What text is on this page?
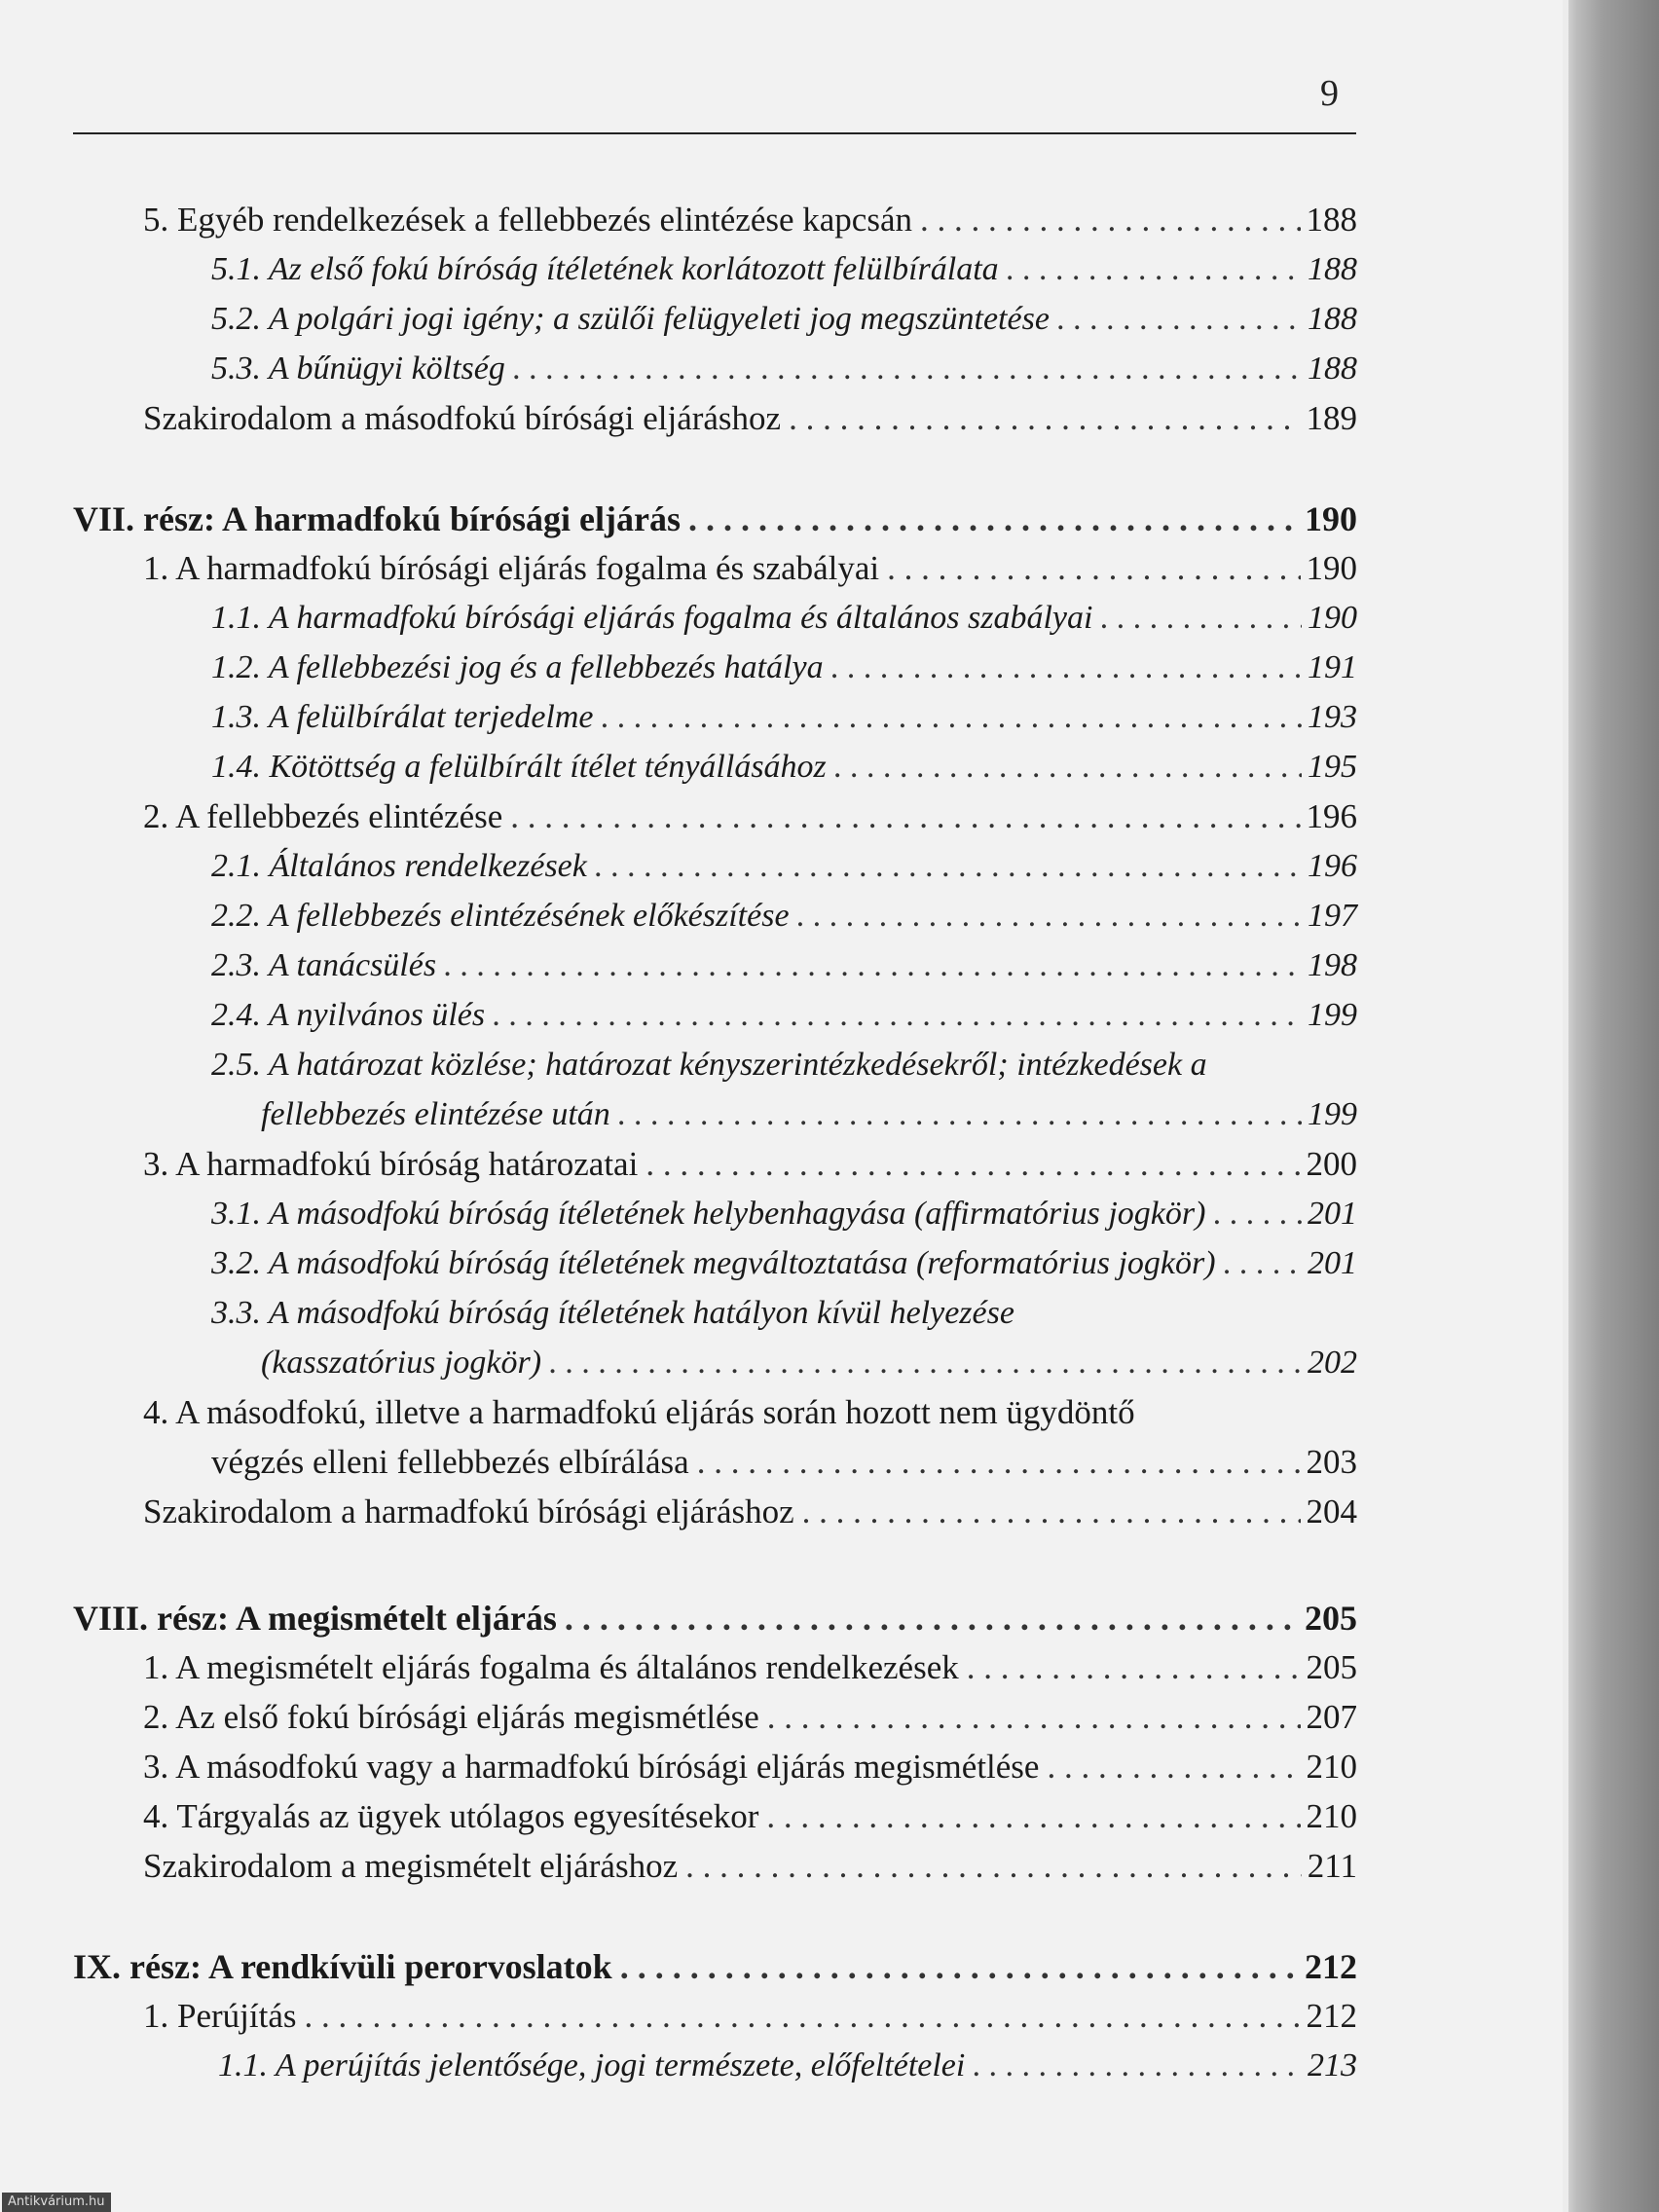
9
5. Egyéb rendelkezések a fellebbezés elintézése kapcsán . . .	188
5.1. Az első fokú bíróság ítéletének korlátozott felülbírálata . . .	188
5.2. A polgári jogi igény; a szülői felügyeleti jog megszüntetése . . .	188
5.3. A bűnügyi költség . . .	188
Szakirodalom a másodfokú bírósági eljáráshoz . . .	189
VII. rész: A harmadfokú bírósági eljárás . . .	190
1. A harmadfokú bírósági eljárás fogalma és szabályai . . .	190
1.1. A harmadfokú bírósági eljárás fogalma és általános szabályai . . .	190
1.2. A fellebbezési jog és a fellebbezés hatálya . . .	191
1.3. A felülbírálat terjedelme . . .	193
1.4. Kötöttség a felülbírált ítélet tényállásához . . .	195
2. A fellebbezés elintézése . . .	196
2.1. Általános rendelkezések . . .	196
2.2. A fellebbezés elintézésének előkészítése . . .	197
2.3. A tanácsülés . . .	198
2.4. A nyilvános ülés . . .	199
2.5. A határozat közlése; határozat kényszerintézkedésekről; intézkedések a
fellebbezés elintézése után . . .	199
3. A harmadfokú bíróság határozatai . . .	200
3.1. A másodfokú bíróság ítéletének helybenhagyása (affirmatórius jogkör) . . .	201
3.2. A másodfokú bíróság ítéletének megváltoztatása (reformatórius jogkör) . . .	201
3.3. A másodfokú bíróság ítéletének hatályon kívül helyezése
(kasszatórius jogkör) . . .	202
4. A másodfokú, illetve a harmadfokú eljárás során hozott nem ügydöntő
végzés elleni fellebbezés elbírálása . . .	203
Szakirodalom a harmadfokú bírósági eljáráshoz . . .	204
VIII. rész: A megismételt eljárás . . .	205
1. A megismételt eljárás fogalma és általános rendelkezések . . .	205
2. Az első fokú bírósági eljárás megismétlése . . .	207
3. A másodfokú vagy a harmadfokú bírósági eljárás megismétlése . . .	210
4. Tárgyalás az ügyek utólagos egyesítésekor . . .	210
Szakirodalom a megismételt eljáráshoz . . .	211
IX. rész: A rendkívüli perorvoslatok . . .	212
1. Perújítás . . .	212
1.1. A perújítás jelentősége, jogi természete, előfeltételei . . .	213
Antikvárium.hu
